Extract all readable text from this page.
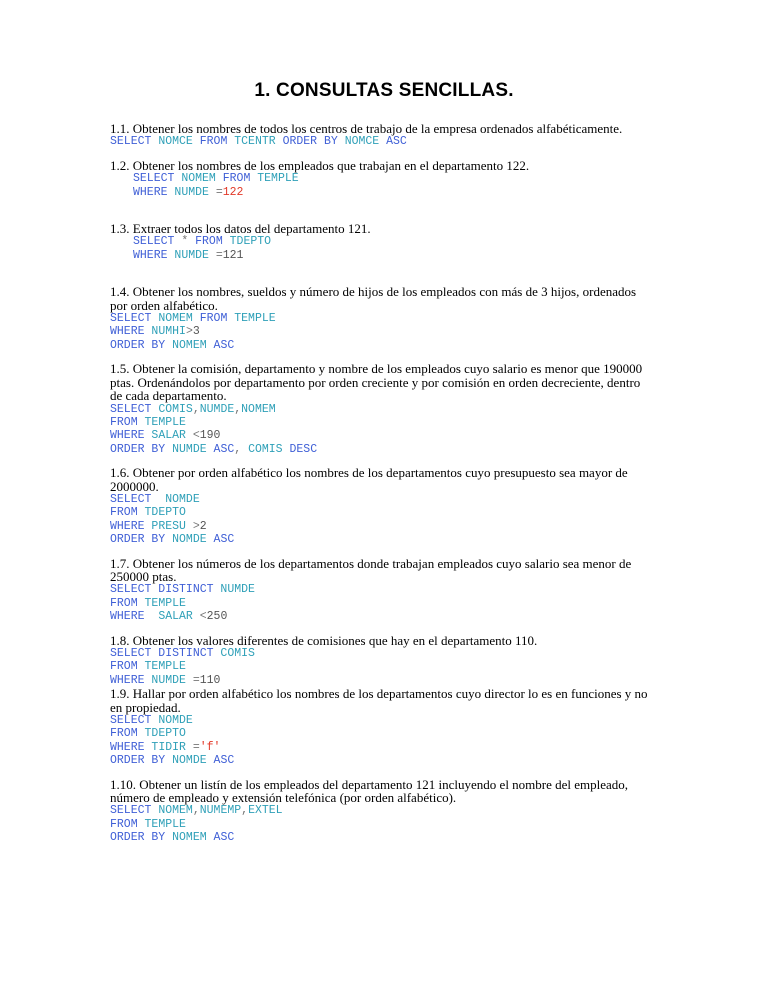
1. CONSULTAS SENCILLAS.

1.1. Obtener los nombres de todos los centros de trabajo de la empresa ordenados alfabéticamente.

SELECT NOMCE FROM TCENTR ORDER BY NOMCE ASC

1.2. Obtener los nombres de los empleados que trabajan en el departamento 122.

SELECT NOMEM FROM TEMPLE
WHERE NUMDE =122

1.3. Extraer todos los datos del departamento 121.

SELECT * FROM TDEPTO
WHERE NUMDE =121

1.4. Obtener los nombres, sueldos y número de hijos de los empleados con más de 3 hijos, ordenados por orden alfabético.

SELECT NOMEM FROM TEMPLE
WHERE NUMHI>3
ORDER BY NOMEM ASC

1.5. Obtener la comisión, departamento y nombre de los empleados cuyo salario es menor que 190000 ptas. Ordenándolos por departamento por orden creciente y por comisión en orden decreciente, dentro de cada departamento.

SELECT COMIS,NUMDE,NOMEM
FROM TEMPLE
WHERE SALAR <190
ORDER BY NUMDE ASC, COMIS DESC

1.6. Obtener por orden alfabético los nombres de los departamentos cuyo presupuesto sea mayor de 2000000.

SELECT  NOMDE
FROM TDEPTO
WHERE PRESU >2
ORDER BY NOMDE ASC

1.7. Obtener los números de los departamentos donde trabajan empleados cuyo salario sea menor de 250000 ptas.

SELECT DISTINCT NUMDE
FROM TEMPLE
WHERE  SALAR <250

1.8. Obtener los valores diferentes de comisiones que hay en el departamento 110.

SELECT DISTINCT COMIS
FROM TEMPLE
WHERE NUMDE =110

1.9. Hallar por orden alfabético los nombres de los departamentos cuyo director lo es en funciones y no en propiedad.

SELECT NOMDE
FROM TDEPTO
WHERE TIDIR ='f'
ORDER BY NOMDE ASC

1.10. Obtener un listín de los empleados del departamento 121 incluyendo el nombre del empleado, número de empleado y extensión telefónica (por orden alfabético).

SELECT NOMEM,NUMEMP,EXTEL
FROM TEMPLE
ORDER BY NOMEM ASC
